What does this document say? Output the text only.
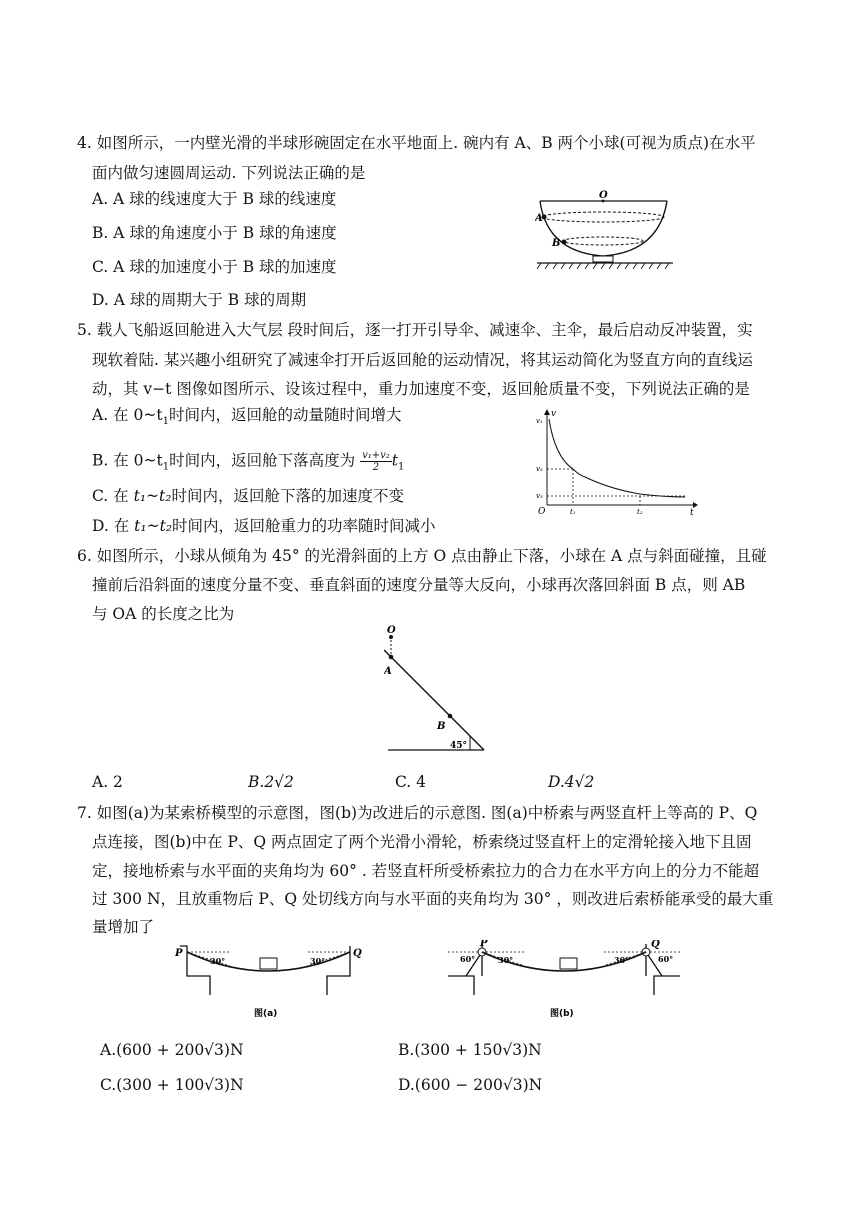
4. 如图所示，一内壁光滑的半球形碗固定在水平地面上. 碗内有 A、B 两个小球(可视为质点)在水平
面内做匀速圆周运动. 下列说法正确的是
A. A 球的线速度大于 B 球的线速度
B. A 球的角速度小于 B 球的角速度
C. A 球的加速度小于 B 球的加速度
D. A 球的周期大于 B 球的周期
O
A
B
5. 载人飞船返回舱进入大气层 段时间后，逐一打开引导伞、减速伞、主伞，最后启动反冲装置，实
现软着陆. 某兴趣小组研究了减速伞打开后返回舱的运动情况，将其运动简化为竖直方向的直线运
动，其 v−t 图像如图所示、设该过程中，重力加速度不变，返回舱质量不变，下列说法正确的是
A. 在 $0\sim t_1$时间内，返回舱的动量随时间增大
B. 在 $0\sim t_1$时间内，返回舱下落高度为 $\frac{\text{v₁+v₂}}{2} t_1$
C. 在 t₁~t₂时间内，返回舱下落的加速度不变
D. 在 t₁~t₂时间内，返回舱重力的功率随时间减小
v
t
O
v₁
v₂
v₃
t₁	t₂
6. 如图所示，小球从倾角为 45° 的光滑斜面的上方 O 点由静止下落，小球在 A 点与斜面碰撞，且碰
撞前后沿斜面的速度分量不变、垂直斜面的速度分量等大反向，小球再次落回斜面 B 点，则 AB
与 OA 的长度之比为
O
A
B
45°
A. 2	B.2√2	C. 4	D.4√2
7. 如图(a)为某索桥模型的示意图，图(b)为改进后的示意图. 图(a)中桥索与两竖直杆上等高的 P、Q
点连接，图(b)中在 P、Q 两点固定了两个光滑小滑轮，桥索绕过竖直杆上的定滑轮接入地下且固
定，接地桥索与水平面的夹角均为 60° . 若竖直杆所受桥索拉力的合力在水平方向上的分力不能超
过 300 N，且放重物后 P、Q 处切线方向与水平面的夹角均为 30° ，则改进后索桥能承受的最大重
量增加了
P	Q
30°	30°
图(a)
P	Q
60°	30°	30°	60°
图(b)
A.(600 + 200√3)N	B.(300 + 150√3)N
C.(300 + 100√3)N	D.(600 − 200√3)N
